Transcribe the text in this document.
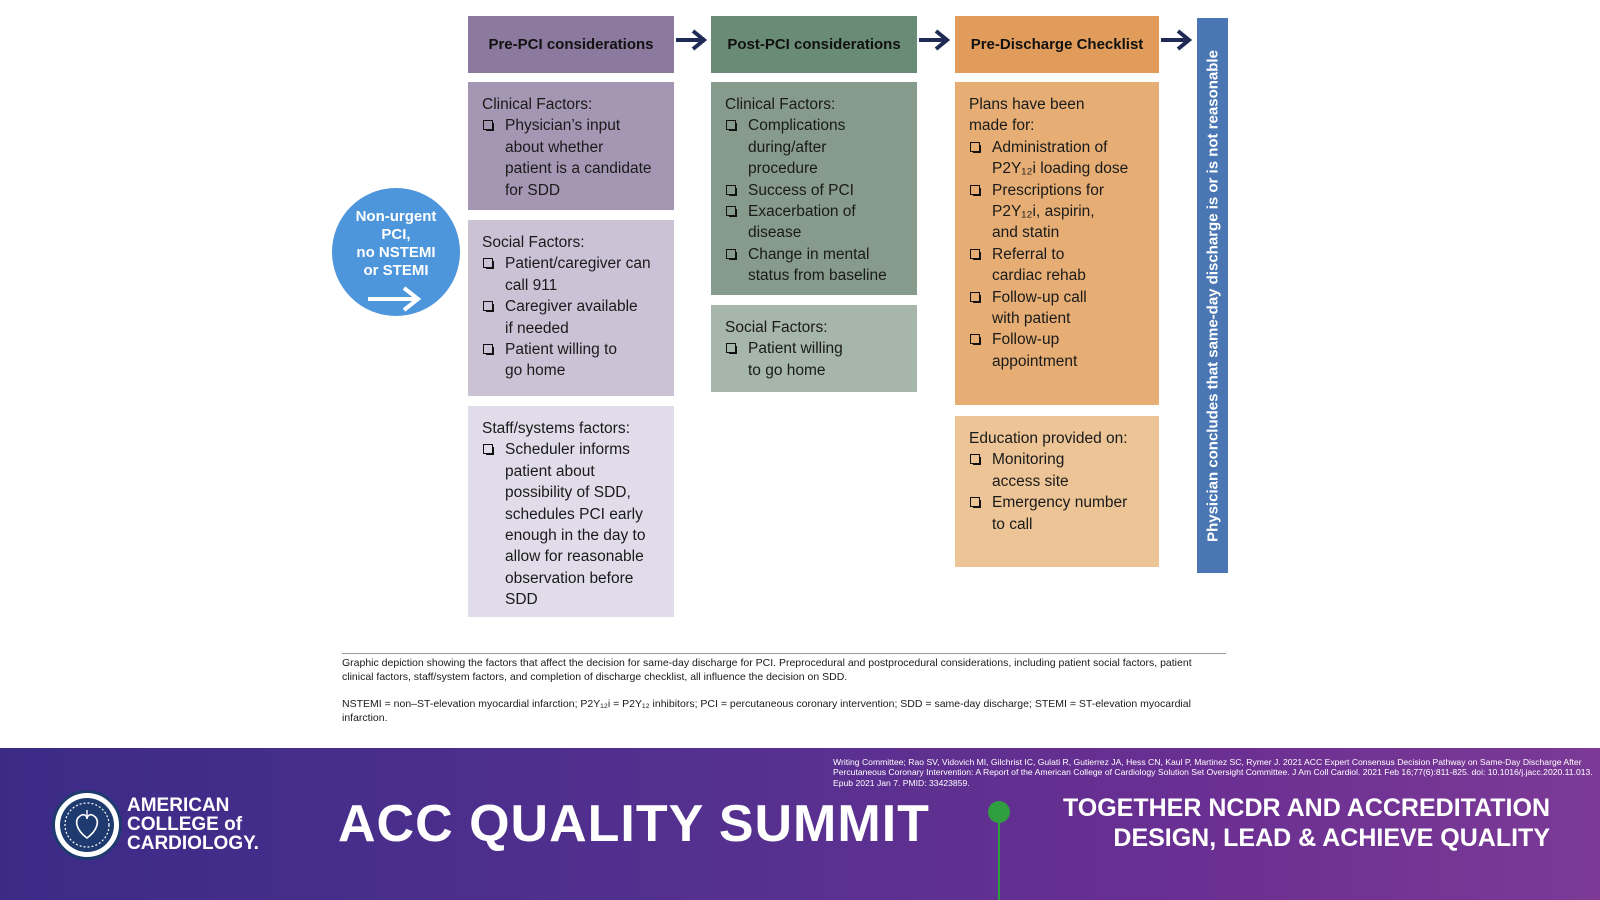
Non-urgent
PCI,
no NSTEMI
or STEMI
Pre-PCI considerations
Clinical Factors:
Physician’s input
about whether
patient is a candidate
for SDD
Social Factors:
Patient/caregiver can
call 911
Caregiver available
if needed
Patient willing to
go home
Staff/systems factors:
Scheduler informs
patient about
possibility of SDD,
schedules PCI early
enough in the day to
allow for reasonable
observation before
SDD
Post-PCI considerations
Clinical Factors:
Complications
during/after
procedure
Success of PCI
Exacerbation of
disease
Change in mental
status from baseline
Social Factors:
Patient willing
to go home
Pre-Discharge Checklist
Plans have been
made for:
Administration of
P2Y₁₂i loading dose
Prescriptions for
P2Y₁₂i, aspirin,
and statin
Referral to
cardiac rehab
Follow-up call
with patient
Follow-up
appointment
Education provided on:
Monitoring
access site
Emergency number
to call	Physician concludes that same-day discharge is or is not reasonable
Graphic depiction showing the factors that affect the decision for same-day discharge for PCI. Preprocedural and postprocedural considerations, including patient social factors, patient clinical factors, staff/system factors, and completion of discharge checklist, all influence the decision on SDD.
NSTEMI = non–ST-elevation myocardial infarction; P2Y₁₂i = P2Y₁₂ inhibitors; PCI = percutaneous coronary intervention; SDD = same-day discharge; STEMI = ST-elevation myocardial infarction.
Writing Committee; Rao SV, Vidovich MI, Gilchrist IC, Gulati R, Gutierrez JA, Hess CN, Kaul P, Martinez SC, Rymer J. 2021 ACC Expert Consensus Decision Pathway on Same-Day Discharge After Percutaneous Coronary Intervention: A Report of the American College of Cardiology Solution Set Oversight Committee. J Am Coll Cardiol. 2021 Feb 16;77(6):811-825. doi: 10.1016/j.jacc.2020.11.013. Epub 2021 Jan 7. PMID: 33423859.
AMERICAN
COLLEGE of
CARDIOLOGY. ACC QUALITY SUMMIT	TOGETHER NCDR AND ACCREDITATION
DESIGN, LEAD & ACHIEVE QUALITY
